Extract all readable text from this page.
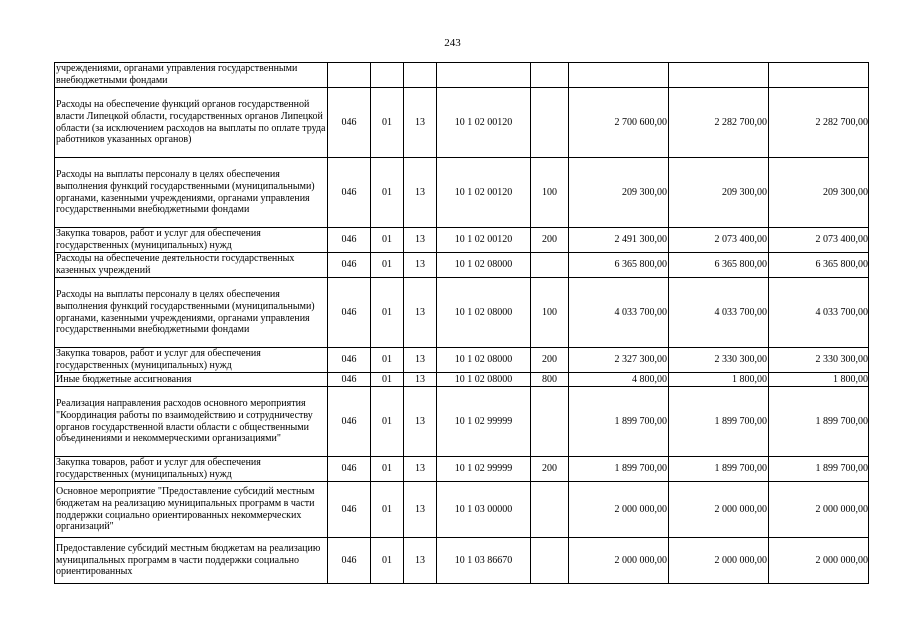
243
учреждениями, органами управления государственными внебюджетными фондами								
Расходы на обеспечение функций органов государственной власти Липецкой области, государственных органов Липецкой области (за исключением расходов на выплаты по оплате труда работников указанных органов)	046	01	13	10 1 02 00120		2 700 600,00	2 282 700,00	2 282 700,00
Расходы на выплаты персоналу в целях обеспечения выполнения функций государственными (муниципальными) органами, казенными учреждениями, органами управления государственными внебюджетными фондами	046	01	13	10 1 02 00120	100	209 300,00	209 300,00	209 300,00
Закупка товаров, работ и услуг для обеспечения государственных (муниципальных) нужд	046	01	13	10 1 02 00120	200	2 491 300,00	2 073 400,00	2 073 400,00
Расходы на обеспечение деятельности государственных казенных учреждений	046	01	13	10 1 02 08000		6 365 800,00	6 365 800,00	6 365 800,00
Расходы на выплаты персоналу в целях обеспечения выполнения функций государственными (муниципальными) органами, казенными учреждениями, органами управления государственными внебюджетными фондами	046	01	13	10 1 02 08000	100	4 033 700,00	4 033 700,00	4 033 700,00
Закупка товаров, работ и услуг для обеспечения государственных (муниципальных) нужд	046	01	13	10 1 02 08000	200	2 327 300,00	2 330 300,00	2 330 300,00
Иные бюджетные ассигнования	046	01	13	10 1 02 08000	800	4 800,00	1 800,00	1 800,00
Реализация направления расходов основного мероприятия "Координация работы по взаимодействию и сотрудничеству органов государственной власти области с общественными объединениями и некоммерческими организациями"	046	01	13	10 1 02 99999		1 899 700,00	1 899 700,00	1 899 700,00
Закупка товаров, работ и услуг для обеспечения государственных (муниципальных) нужд	046	01	13	10 1 02 99999	200	1 899 700,00	1 899 700,00	1 899 700,00
Основное мероприятие "Предоставление субсидий местным бюджетам на реализацию муниципальных программ в части поддержки социально ориентированных некоммерческих организаций"	046	01	13	10 1 03 00000		2 000 000,00	2 000 000,00	2 000 000,00
Предоставление субсидий местным бюджетам на реализацию муниципальных программ в части поддержки социально ориентированных	046	01	13	10 1 03 86670		2 000 000,00	2 000 000,00	2 000 000,00
